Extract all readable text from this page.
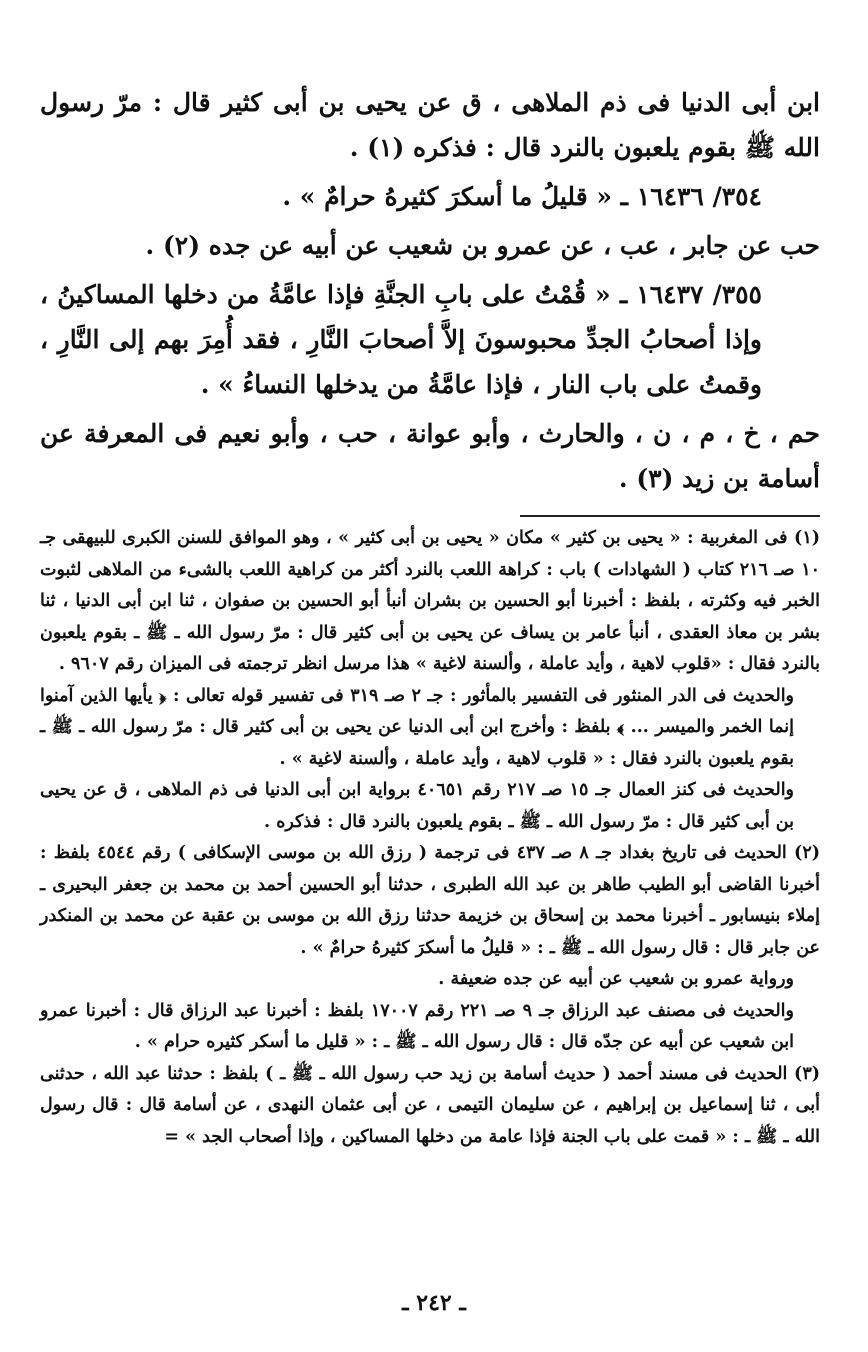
ابن أبى الدنيا فى ذم الملاهى ، ق عن يحيى بن أبى كثير قال : مرّ رسول الله ﷺ بقوم يلعبون بالنرد قال : فذكره (١) .

٣٥٤/ ١٦٤٣٦ ـ « قليلُ ما أسكرَ كثيرهُ حرامٌ » .

حب عن جابر ، عب ، عن عمرو بن شعيب عن أبيه عن جده (٢) .

٣٥٥/ ١٦٤٣٧ ـ « قُمْتُ على بابِ الجنَّةِ فإذا عامَّةُ من دخلها المساكينُ ، وإذا أصحابُ الجدِّ محبوسونَ إلاَّ أصحابَ النَّارِ ، فقد أُمِرَ بهم إلى النَّارِ ، وقمتُ على باب النار ، فإذا عامَّةُ من يدخلها النساءُ » .

حم ، خ ، م ، ن ، والحارث ، وأبو عوانة ، حب ، وأبو نعيم فى المعرفة عن أسامة بن زيد (٣) .

(١) فى المغربية : « يحيى بن كثير » مكان « يحيى بن أبى كثير » ، وهو الموافق للسنن الكبرى للبيهقى جـ ١٠ صـ ٢١٦ كتاب ( الشهادات ) باب : كراهة اللعب بالنرد أكثر من كراهية اللعب بالشىء من الملاهى لثبوت الخبر فيه وكثرته ، بلفظ : أخبرنا أبو الحسين بن بشران أنبأ أبو الحسين بن صفوان ، ثنا ابن أبى الدنيا ، ثنا بشر بن معاذ العقدى ، أنبأ عامر بن يساف عن يحيى بن أبى كثير قال : مرّ رسول الله ـ ﷺ ـ بقوم يلعبون بالنرد فقال : «قلوب لاهية ، وأيد عاملة ، وألسنة لاغية » هذا مرسل انظر ترجمته فى الميزان رقم ٩٦٠٧ .

والحديث فى الدر المنثور فى التفسير بالمأثور : جـ ٢ صـ ٣١٩ فى تفسير قوله تعالى : ﴿ يأيها الذين آمنوا إنما الخمر والميسر ... ﴾ بلفظ : وأخرج ابن أبى الدنيا عن يحيى بن أبى كثير قال : مرّ رسول الله ـ ﷺ ـ بقوم يلعبون بالنرد فقال : « قلوب لاهية ، وأيد عاملة ، وألسنة لاغية » .

والحديث فى كنز العمال جـ ١٥ صـ ٢١٧ رقم ٤٠٦٥١ برواية ابن أبى الدنيا فى ذم الملاهى ، ق عن يحيى بن أبى كثير قال : مرّ رسول الله ـ ﷺ ـ بقوم يلعبون بالنرد قال : فذكره .

(٢) الحديث فى تاريخ بغداد جـ ٨ صـ ٤٣٧ فى ترجمة ( رزق الله بن موسى الإسكافى ) رقم ٤٥٤٤ بلفظ : أخبرنا القاضى أبو الطيب طاهر بن عبد الله الطبرى ، حدثنا أبو الحسين أحمد بن محمد بن جعفر البحيرى ـ إملاء بنيسابور ـ أخبرنا محمد بن إسحاق بن خزيمة حدثنا رزق الله بن موسى بن عقبة عن محمد بن المنكدر عن جابر قال : قال رسول الله ـ ﷺ ـ : « قليلُ ما أسكرَ كثيرهُ حرامٌ » .

ورواية عمرو بن شعيب عن أبيه عن جده ضعيفة .

والحديث فى مصنف عبد الرزاق جـ ٩ صـ ٢٢١ رقم ١٧٠٠٧ بلفظ : أخبرنا عبد الرزاق قال : أخبرنا عمرو ابن شعيب عن أبيه عن جدّه قال : قال رسول الله ـ ﷺ ـ : « قليل ما أسكر كثيره حرام » .

(٣) الحديث فى مسند أحمد ( حديث أسامة بن زيد حب رسول الله ـ ﷺ ـ ) بلفظ : حدثنا عبد الله ، حدثنى أبى ، ثنا إسماعيل بن إبراهيم ، عن سليمان التيمى ، عن أبى عثمان النهدى ، عن أسامة قال : قال رسول الله ـ ﷺ ـ : « قمت على باب الجنة فإذا عامة من دخلها المساكين ، وإذا أصحاب الجد » =

ـ ٢٤٢ ـ
